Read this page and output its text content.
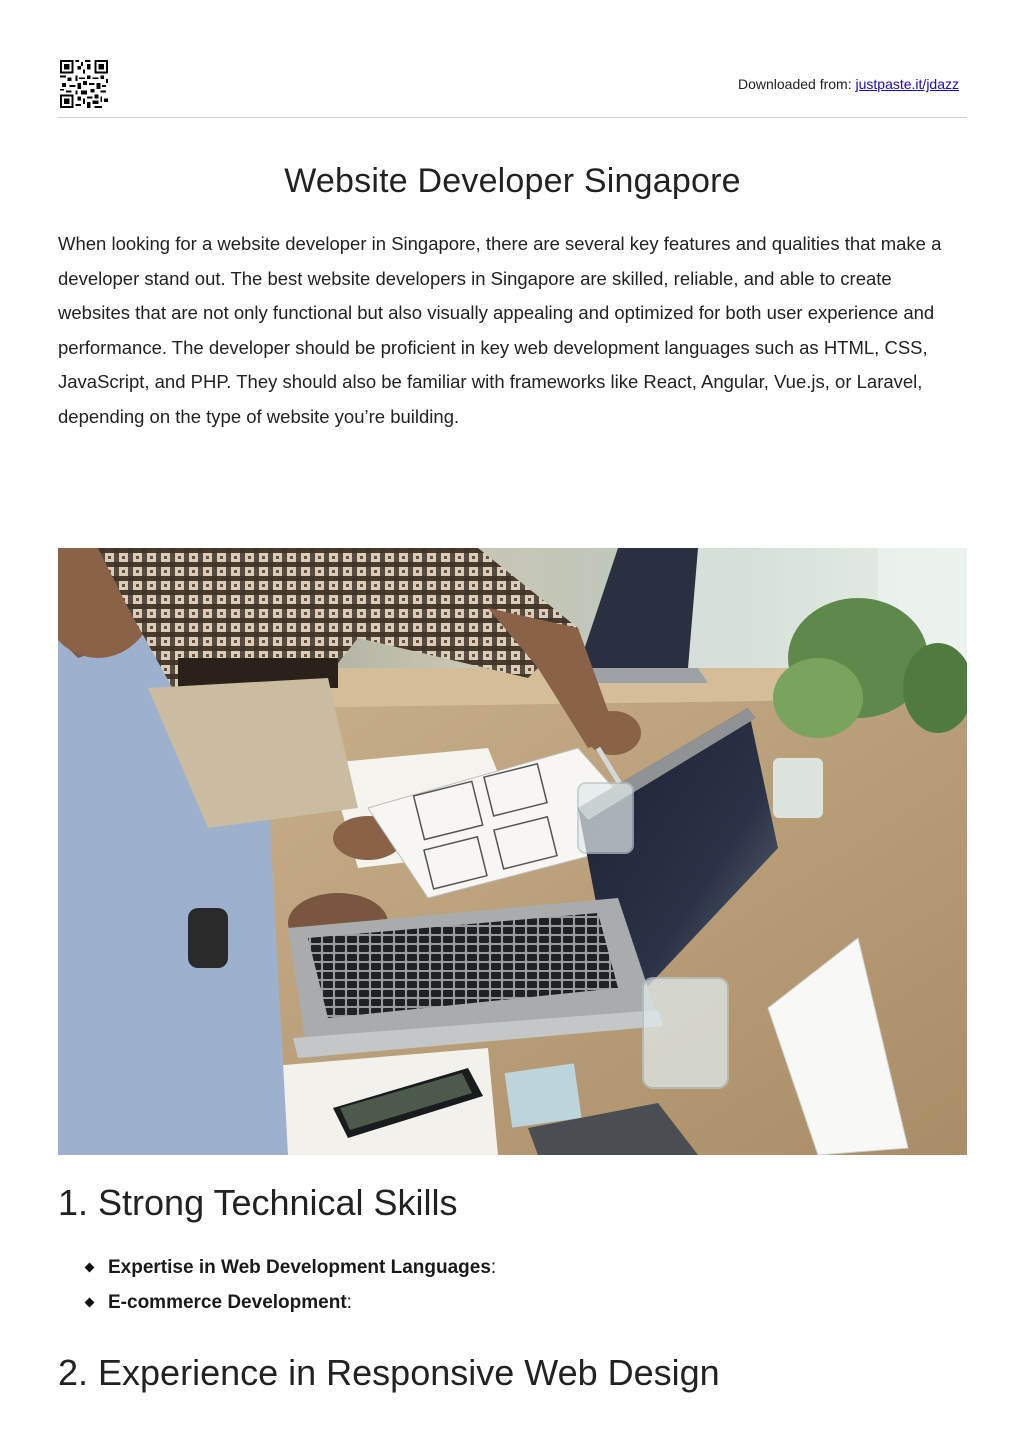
Downloaded from: justpaste.it/jdazz
Website Developer Singapore

When looking for a website developer in Singapore, there are several key features and qualities that make a developer stand out. The best website developers in Singapore are skilled, reliable, and able to create websites that are not only functional but also visually appealing and optimized for both user experience and performance. The developer should be proficient in key web development languages such as HTML, CSS, JavaScript, and PHP. They should also be familiar with frameworks like React, Angular, Vue.js, or Laravel, depending on the type of website you’re building.

1. Strong Technical Skills
Expertise in Web Development Languages :
E-commerce Development :
2. Experience in Responsive Web Design
